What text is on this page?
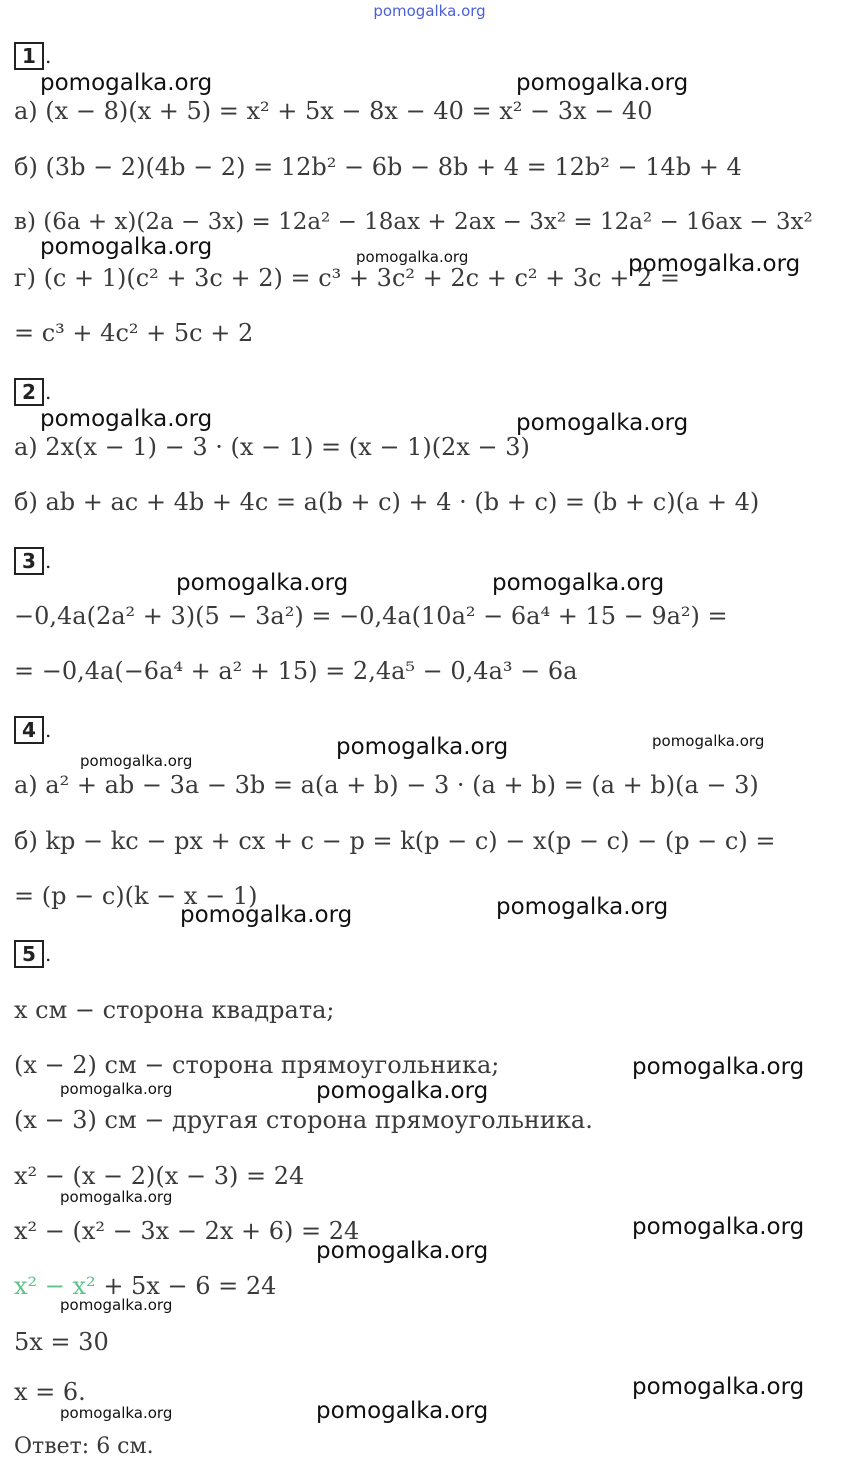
pomogalka.org
1 .
а) (x − 8)(x + 5) = x² + 5x − 8x − 40 = x² − 3x − 40
б) (3b − 2)(4b − 2) = 12b² − 6b − 8b + 4 = 12b² − 14b + 4
в) (6a + x)(2a − 3x) = 12a² − 18ax + 2ax − 3x² = 12a² − 16ax − 3x²
г) (c + 1)(c² + 3c + 2) = c³ + 3c² + 2c + c² + 3c + 2 =
= c³ + 4c² + 5c + 2
2 .
а) 2x(x − 1) − 3 · (x − 1) = (x − 1)(2x − 3)
б) ab + ac + 4b + 4c = a(b + c) + 4 · (b + c) = (b + c)(a + 4)
3 .
−0,4a(2a² + 3)(5 − 3a²) = −0,4a(10a² − 6a⁴ + 15 − 9a²) =
= −0,4a(−6a⁴ + a² + 15) = 2,4a⁵ − 0,4a³ − 6a
4 .
а) a² + ab − 3a − 3b = a(a + b) − 3 · (a + b) = (a + b)(a − 3)
б) kp − kc − px + cx + c − p = k(p − c) − x(p − c) − (p − c) =
= (p − c)(k − x − 1)
5 .
x см − сторона квадрата;
(x − 2) см − сторона прямоугольника;
(x − 3) см − другая сторона прямоугольника.
x² − (x − 2)(x − 3) = 24
x² − (x² − 3x − 2x + 6) = 24
x² − x² + 5x − 6 = 24
5x = 30
x = 6.
Ответ: 6 см.
pomogalka.org	pomogalka.org
pomogalka.org	pomogalka.org	pomogalka.org
pomogalka.org	pomogalka.org
pomogalka.org	pomogalka.org
pomogalka.org
pomogalka.org	pomogalka.org
pomogalka.org	pomogalka.org
pomogalka.org
pomogalka.org	pomogalka.org
pomogalka.org
pomogalka.org
pomogalka.org
pomogalka.org
pomogalka.org
pomogalka.org	pomogalka.org
